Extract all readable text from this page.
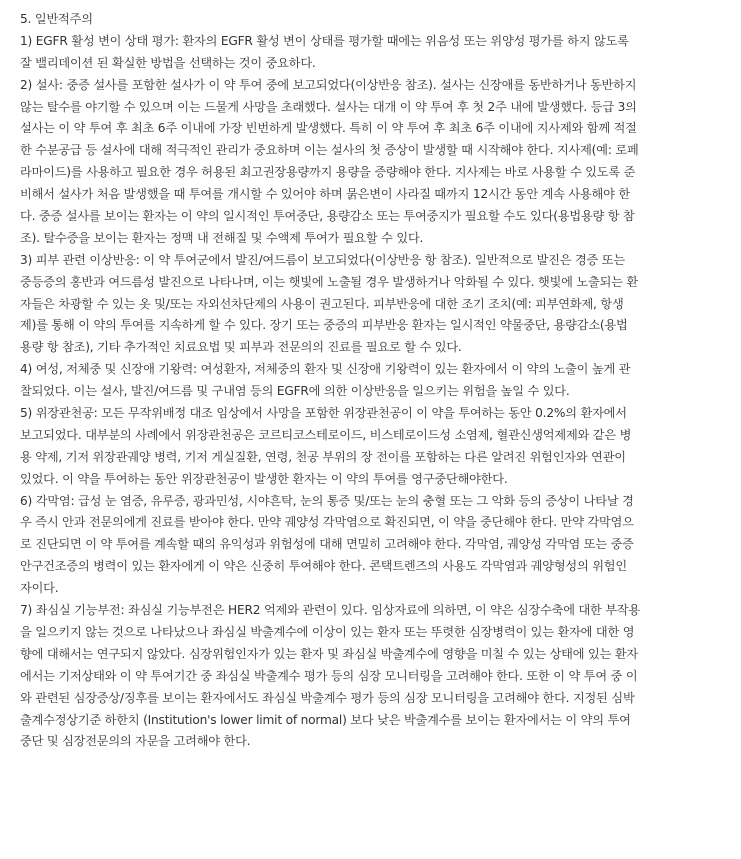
5. 일반적주의
1) EGFR 활성 변이 상태 평가: 환자의 EGFR 활성 변이 상태를 평가할 때에는 위음성 또는 위양성 평가를 하지 않도록
잘 밸리데이션 된 확실한 방법을 선택하는 것이 중요하다.
2) 설사: 중증 설사를 포함한 설사가 이 약 투여 중에 보고되었다(이상반응 참조). 설사는 신장애를 동반하거나 동반하지
않는 탈수를 야기할 수 있으며 이는 드물게 사망을 초래했다. 설사는 대개 이 약 투여 후 첫 2주 내에 발생했다. 등급 3의
설사는 이 약 투여 후 최초 6주 이내에 가장 빈번하게 발생했다. 특히 이 약 투여 후 최초 6주 이내에 지사제와 함께 적절
한 수분공급 등 설사에 대해 적극적인 관리가 중요하며 이는 설사의 첫 증상이 발생할 때 시작해야 한다. 지사제(예: 로페
라마이드)를 사용하고 필요한 경우 허용된 최고권장용량까지 용량을 증량해야 한다. 지사제는 바로 사용할 수 있도록 준
비해서 설사가 처음 발생했을 때 투여를 개시할 수 있어야 하며 묽은변이 사라질 때까지 12시간 동안 계속 사용해야 한
다. 중증 설사를 보이는 환자는 이 약의 일시적인 투여중단, 용량감소 또는 투여중지가 필요할 수도 있다(용법용량 항 참
조). 탈수증을 보이는 환자는 정맥 내 전해질 및 수액제 투여가 필요할 수 있다.
3) 피부 관련 이상반응: 이 약 투여군에서 발진/여드름이 보고되었다(이상반응 항 참조). 일반적으로 발진은 경증 또는
중등증의 홍반과 여드름성 발진으로 나타나며, 이는 햇빛에 노출될 경우 발생하거나 악화될 수 있다. 햇빛에 노출되는 환
자들은 차광할 수 있는 옷 및/또는 자외선차단제의 사용이 권고된다. 피부반응에 대한 조기 조치(예: 피부연화제, 항생
제)를 통해 이 약의 투여를 지속하게 할 수 있다. 장기 또는 중증의 피부반응 환자는 일시적인 약물중단, 용량감소(용법
용량 항 참조), 기타 추가적인 치료요법 및 피부과 전문의의 진료를 필요로 할 수 있다.
4) 여성, 저체중 및 신장애 기왕력: 여성환자, 저체중의 환자 및 신장애 기왕력이 있는 환자에서 이 약의 노출이 높게 관
찰되었다. 이는 설사, 발진/여드름 및 구내염 등의 EGFR에 의한 이상반응을 일으키는 위험을 높일 수 있다.
5) 위장관천공: 모든 무작위배정 대조 임상에서 사망을 포함한 위장관천공이 이 약을 투여하는 동안 0.2%의 환자에서
보고되었다. 대부분의 사례에서 위장관천공은 코르티코스테로이드, 비스테로이드성 소염제, 혈관신생억제제와 같은 병
용 약제, 기저 위장관궤양 병력, 기저 게실질환, 연령, 천공 부위의 장 전이를 포함하는 다른 알려진 위험인자와 연관이
있었다. 이 약을 투여하는 동안 위장관천공이 발생한 환자는 이 약의 투여를 영구중단해야한다.
6) 각막염: 급성 눈 염증, 유루증, 광과민성, 시야흔탁, 눈의 통증 및/또는 눈의 충혈 또는 그 악화 등의 증상이 나타날 경
우 즉시 안과 전문의에게 진료를 받아야 한다. 만약 궤양성 각막염으로 확진되면, 이 약을 중단해야 한다. 만약 각막염으
로 진단되면 이 약 투여를 계속할 때의 유익성과 위험성에 대해 면밀히 고려해야 한다. 각막염, 궤양성 각막염 또는 중증
안구건조증의 병력이 있는 환자에게 이 약은 신중히 투여해야 한다. 콘택트렌즈의 사용도 각막염과 궤양형성의 위험인
자이다.
7) 좌심실 기능부전: 좌심실 기능부전은 HER2 억제와 관련이 있다. 임상자료에 의하면, 이 약은 심장수축에 대한 부작용
을 일으키지 않는 것으로 나타났으나 좌심실 박출계수에 이상이 있는 환자 또는 뚜렷한 심장병력이 있는 환자에 대한 영
향에 대해서는 연구되지 않았다. 심장위험인자가 있는 환자 및 좌심실 박출계수에 영향을 미칠 수 있는 상태에 있는 환자
에서는 기저상태와 이 약 투여기간 중 좌심실 박출계수 평가 등의 심장 모니터링을 고려해야 한다. 또한 이 약 투여 중 이
와 관련된 심장증상/징후를 보이는 환자에서도 좌심실 박출계수 평가 등의 심장 모니터링을 고려해야 한다. 지정된 심박
출계수정상기준 하한치 (Institution's lower limit of normal) 보다 낮은 박출계수를 보이는 환자에서는 이 약의 투여
중단 및 심장전문의의 자문을 고려해야 한다.
